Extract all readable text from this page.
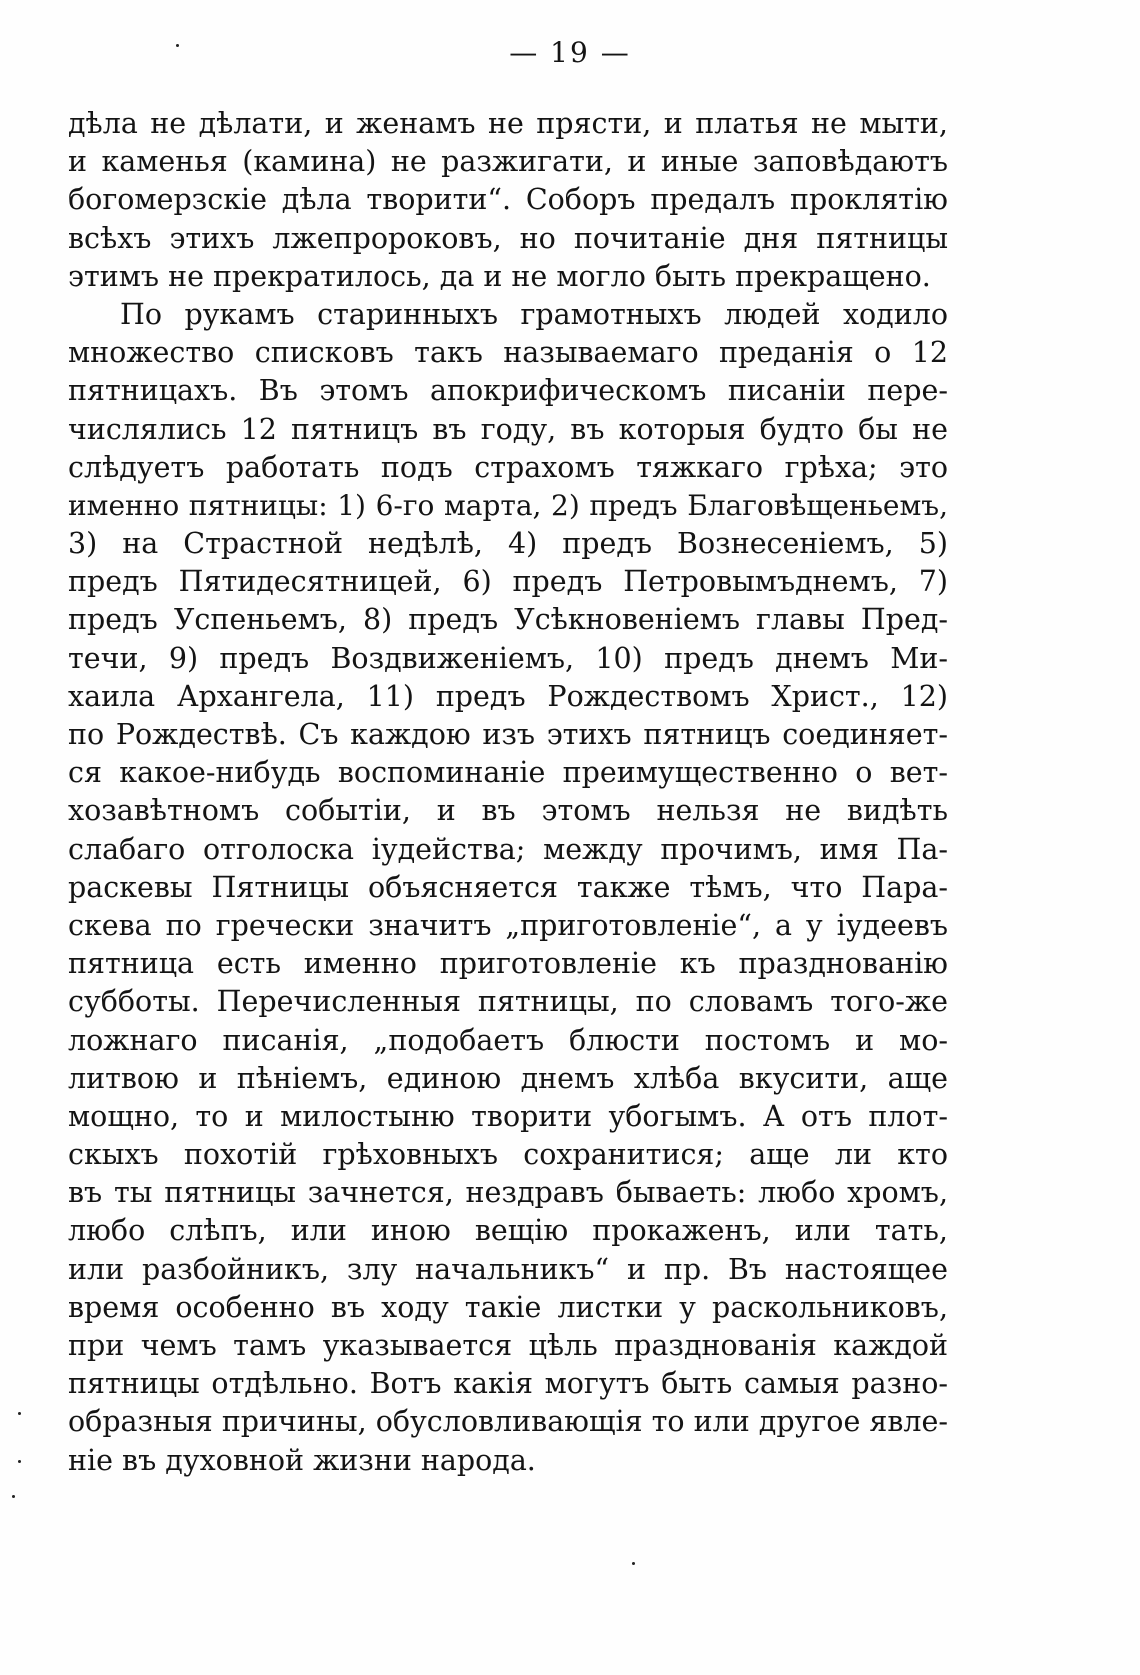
— 19 —
дѣла не дѣлати, и женамъ не прясти, и платья не мыти,
и каменья (камина) не разжигати, и иные заповѣдаютъ
богомерзскіе дѣла творити“. Соборъ предалъ проклятію
всѣхъ этихъ лжепророковъ, но почитаніе дня пятницы
этимъ не прекратилось, да и не могло быть прекращено.
По рукамъ старинныхъ грамотныхъ людей ходило
множество списковъ такъ называемаго преданія о 12
пятницахъ. Въ этомъ апокрифическомъ писаніи пере-
числялись 12 пятницъ въ году, въ которыя будто бы не
слѣдуетъ работать подъ страхомъ тяжкаго грѣха; это
именно пятницы: 1) 6-го марта, 2) предъ Благовѣщеньемъ,
3) на Страстной недѣлѣ, 4) предъ Вознесеніемъ, 5)
предъ Пятидесятницей, 6) предъ Петровымъднемъ, 7)
предъ Успеньемъ, 8) предъ Усѣкновеніемъ главы Пред-
течи, 9) предъ Воздвиженіемъ, 10) предъ днемъ Ми-
хаила Архангела, 11) предъ Рождествомъ Христ., 12)
по Рождествѣ. Съ каждою изъ этихъ пятницъ соединяет-
ся какое-нибудь воспоминаніе преимущественно о вет-
хозавѣтномъ событіи, и въ этомъ нельзя не видѣть
слабаго отголоска іудейства; между прочимъ, имя Па-
раскевы Пятницы объясняется также тѣмъ, что Пара-
скева по гречески значитъ „приготовленіе“, а у іудеевъ
пятница есть именно приготовленіе къ празднованію
субботы. Перечисленныя пятницы, по словамъ того-же
ложнаго писанія, „подобаетъ блюсти постомъ и мо-
литвою и пѣніемъ, единою днемъ хлѣба вкусити, аще
мощно, то и милостыню творити убогымъ. А отъ плот-
скыхъ похотій грѣховныхъ сохранитися; аще ли кто
въ ты пятницы зачнется, нездравъ бываеть: любо хромъ,
любо слѣпъ, или иною вещію прокаженъ, или тать,
или разбойникъ, злу начальникъ“ и пр. Въ настоящее
время особенно въ ходу такіе листки у раскольниковъ,
при чемъ тамъ указывается цѣль празднованія каждой
пятницы отдѣльно. Вотъ какія могутъ быть самыя разно-
образныя причины, обусловливающія то или другое явле-
ніе въ духовной жизни народа.
